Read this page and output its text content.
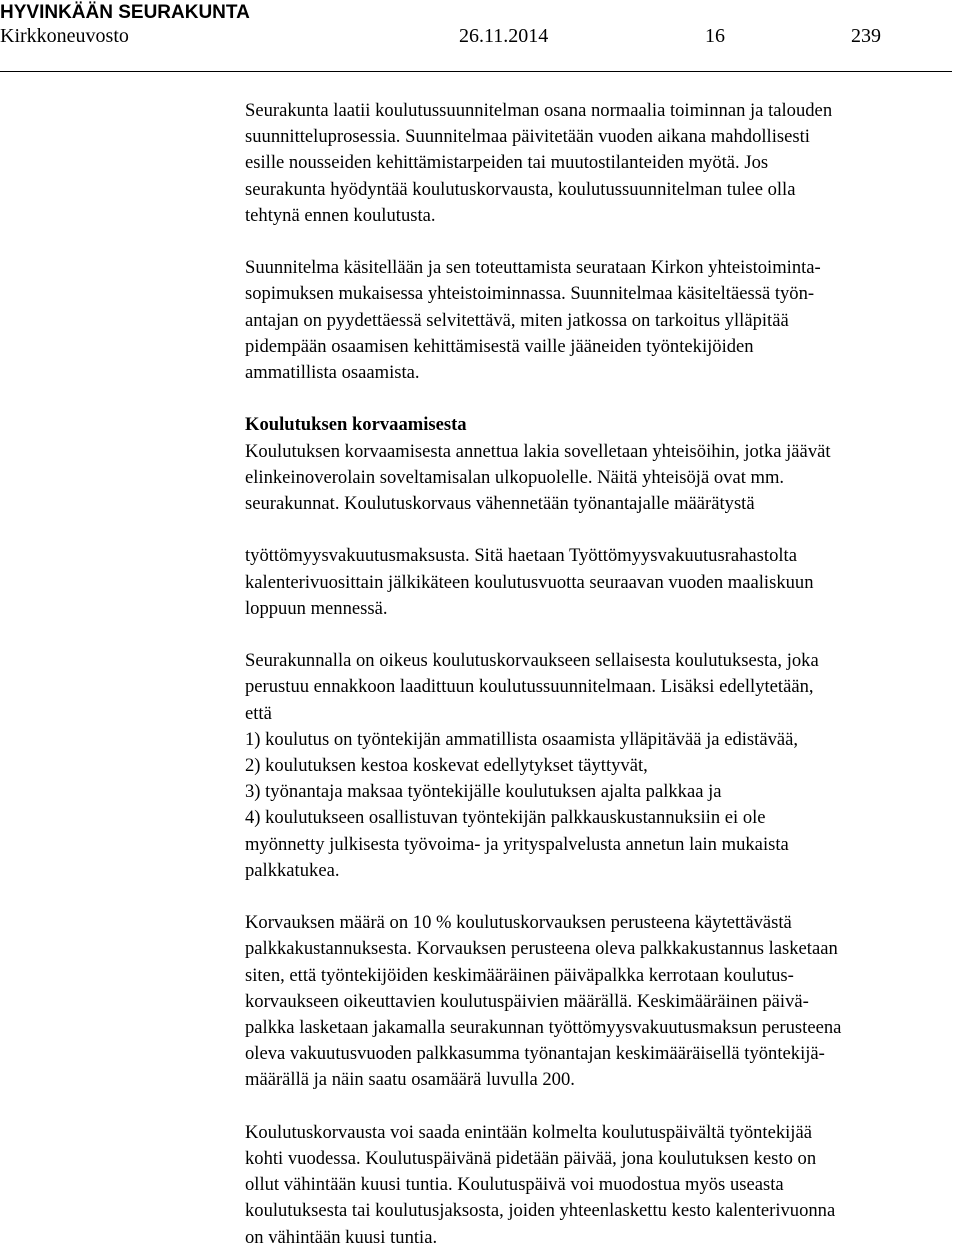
HYVINKÄÄN SEURAKUNTA
Kirkkoneuvosto	26.11.2014	16	239

Seurakunta laatii koulutussuunnitelman osana normaalia toiminnan ja talouden
suunnitteluprosessia. Suunnitelmaa päivitetään vuoden aikana mahdollisesti
esille nousseiden kehittämistarpeiden tai muutostilanteiden myötä. Jos
seurakunta hyödyntää koulutuskorvausta, koulutussuunnitelman tulee olla
tehtynä ennen koulutusta.

Suunnitelma käsitellään ja sen toteuttamista seurataan Kirkon yhteistoiminta-
sopimuksen mukaisessa yhteistoiminnassa. Suunnitelmaa käsiteltäessä työn-
antajan on pyydettäessä selvitettävä, miten jatkossa on tarkoitus ylläpitää
pidempään osaamisen kehittämisestä vaille jääneiden työntekijöiden
ammatillista osaamista.

Koulutuksen korvaamisesta
Koulutuksen korvaamisesta annettua lakia sovelletaan yhteisöihin, jotka jäävät
elinkeinoverolain soveltamisalan ulkopuolelle. Näitä yhteisöjä ovat mm.
seurakunnat. Koulutuskorvaus vähennetään työnantajalle määrätystä

työttömyysvakuutusmaksusta. Sitä haetaan Työttömyysvakuutusrahastolta
kalenterivuosittain jälkikäteen koulutusvuotta seuraavan vuoden maaliskuun
loppuun mennessä.

Seurakunnalla on oikeus koulutuskorvaukseen sellaisesta koulutuksesta, joka
perustuu ennakkoon laadittuun koulutussuunnitelmaan. Lisäksi edellytetään,
että
1) koulutus on työntekijän ammatillista osaamista ylläpitävää ja edistävää,
2) koulutuksen kestoa koskevat edellytykset täyttyvät,
3) työnantaja maksaa työntekijälle koulutuksen ajalta palkkaa ja
4) koulutukseen osallistuvan työntekijän palkkauskustannuksiin ei ole
myönnetty julkisesta työvoima- ja yrityspalvelusta annetun lain mukaista
palkkatukea.

Korvauksen määrä on 10 % koulutuskorvauksen perusteena käytettävästä
palkkakustannuksesta. Korvauksen perusteena oleva palkkakustannus lasketaan
siten, että työntekijöiden keskimääräinen päiväpalkka kerrotaan koulutus-
korvaukseen oikeuttavien koulutuspäivien määrällä. Keskimääräinen päivä-
palkka lasketaan jakamalla seurakunnan työttömyysvakuutusmaksun perusteena
oleva vakuutusvuoden palkkasumma työnantajan keskimääräisellä työntekijä-
määrällä ja näin saatu osamäärä luvulla 200.

Koulutuskorvausta voi saada enintään kolmelta koulutuspäivältä työntekijää
kohti vuodessa. Koulutuspäivänä pidetään päivää, jona koulutuksen kesto on
ollut vähintään kuusi tuntia. Koulutuspäivä voi muodostua myös useasta
koulutuksesta tai koulutusjaksosta, joiden yhteenlaskettu kesto kalenterivuonna
on vähintään kuusi tuntia.
